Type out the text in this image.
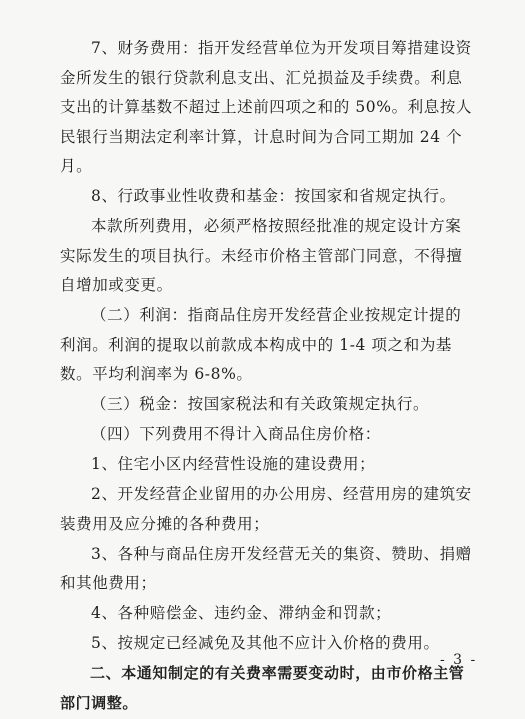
7、财务费用：指开发经营单位为开发项目筹措建设资金所发生的银行贷款利息支出、汇兑损益及手续费。利息支出的计算基数不超过上述前四项之和的 50%。利息按人民银行当期法定利率计算，计息时间为合同工期加 24 个月。

8、行政事业性收费和基金：按国家和省规定执行。

本款所列费用，必须严格按照经批准的规定设计方案实际发生的项目执行。未经市价格主管部门同意，不得擅自增加或变更。

（二）利润：指商品住房开发经营企业按规定计提的利润。利润的提取以前款成本构成中的 1-4 项之和为基数。平均利润率为 6-8%。

（三）税金：按国家税法和有关政策规定执行。

（四）下列费用不得计入商品住房价格：

1、住宅小区内经营性设施的建设费用；

2、开发经营企业留用的办公用房、经营用房的建筑安装费用及应分摊的各种费用；

3、各种与商品住房开发经营无关的集资、赞助、捐赠和其他费用；

4、各种赔偿金、违约金、滞纳金和罚款；

5、按规定已经减免及其他不应计入价格的费用。

二、本通知制定的有关费率需要变动时，由市价格主管部门调整。

- 3 -
